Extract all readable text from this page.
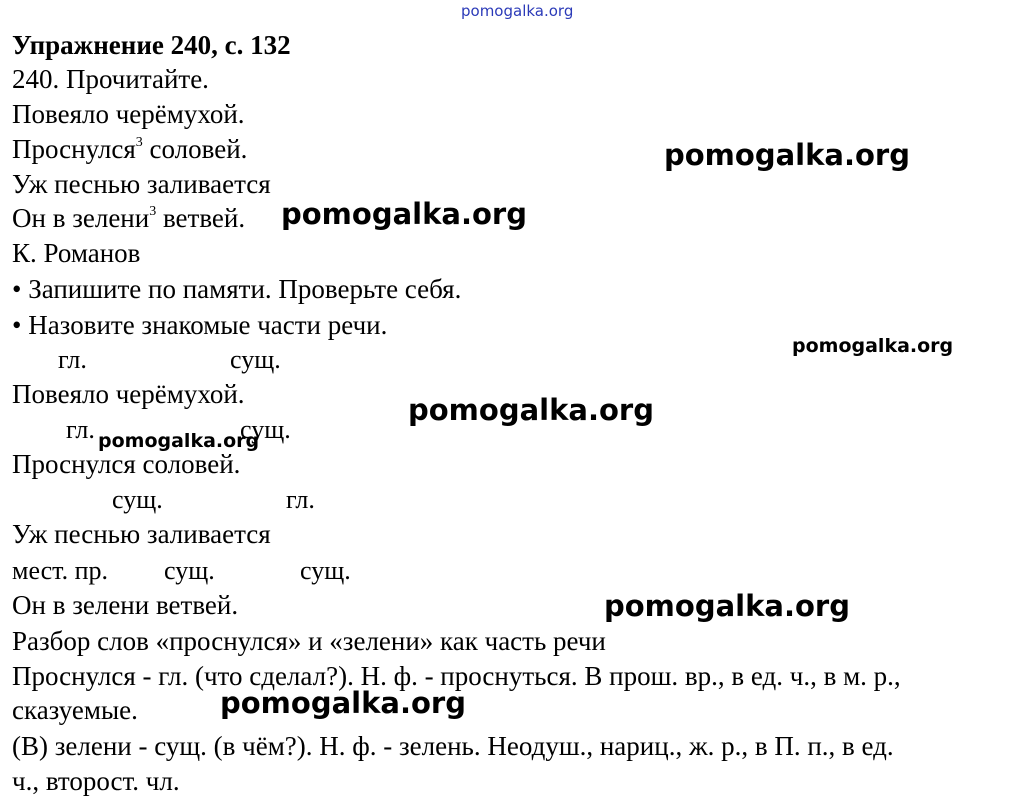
pomogalka.org
Упражнение 240, с. 132
240. Прочитайте.
Повеяло черёмухой.
Проснулся$^3$ соловей.
Уж песнью заливается
Он в зелени$^3$ ветвей.
К. Романов
• Запишите по памяти. Проверьте себя.
• Назовите знакомые части речи.
гл.	сущ.
Повеяло черёмухой.
гл.	сущ.
Проснулся соловей.
сущ.	гл.
Уж песнью заливается
мест. пр. сущ.	сущ.
Он в зелени ветвей.
Разбор слов «проснулся» и «зелени» как часть речи
Проснулся - гл. (что сделал?). Н. ф. - проснуться. В прош. вр., в ед. ч., в м. р.,
сказуемые.
(В) зелени - сущ. (в чём?). Н. ф. - зелень. Неодуш., нариц., ж. р., в П. п., в ед.
ч., второст. чл.
pomogalka.org
pomogalka.org
pomogalka.org
pomogalka.org
pomogalka.org
pomogalka.org
pomogalka.org
